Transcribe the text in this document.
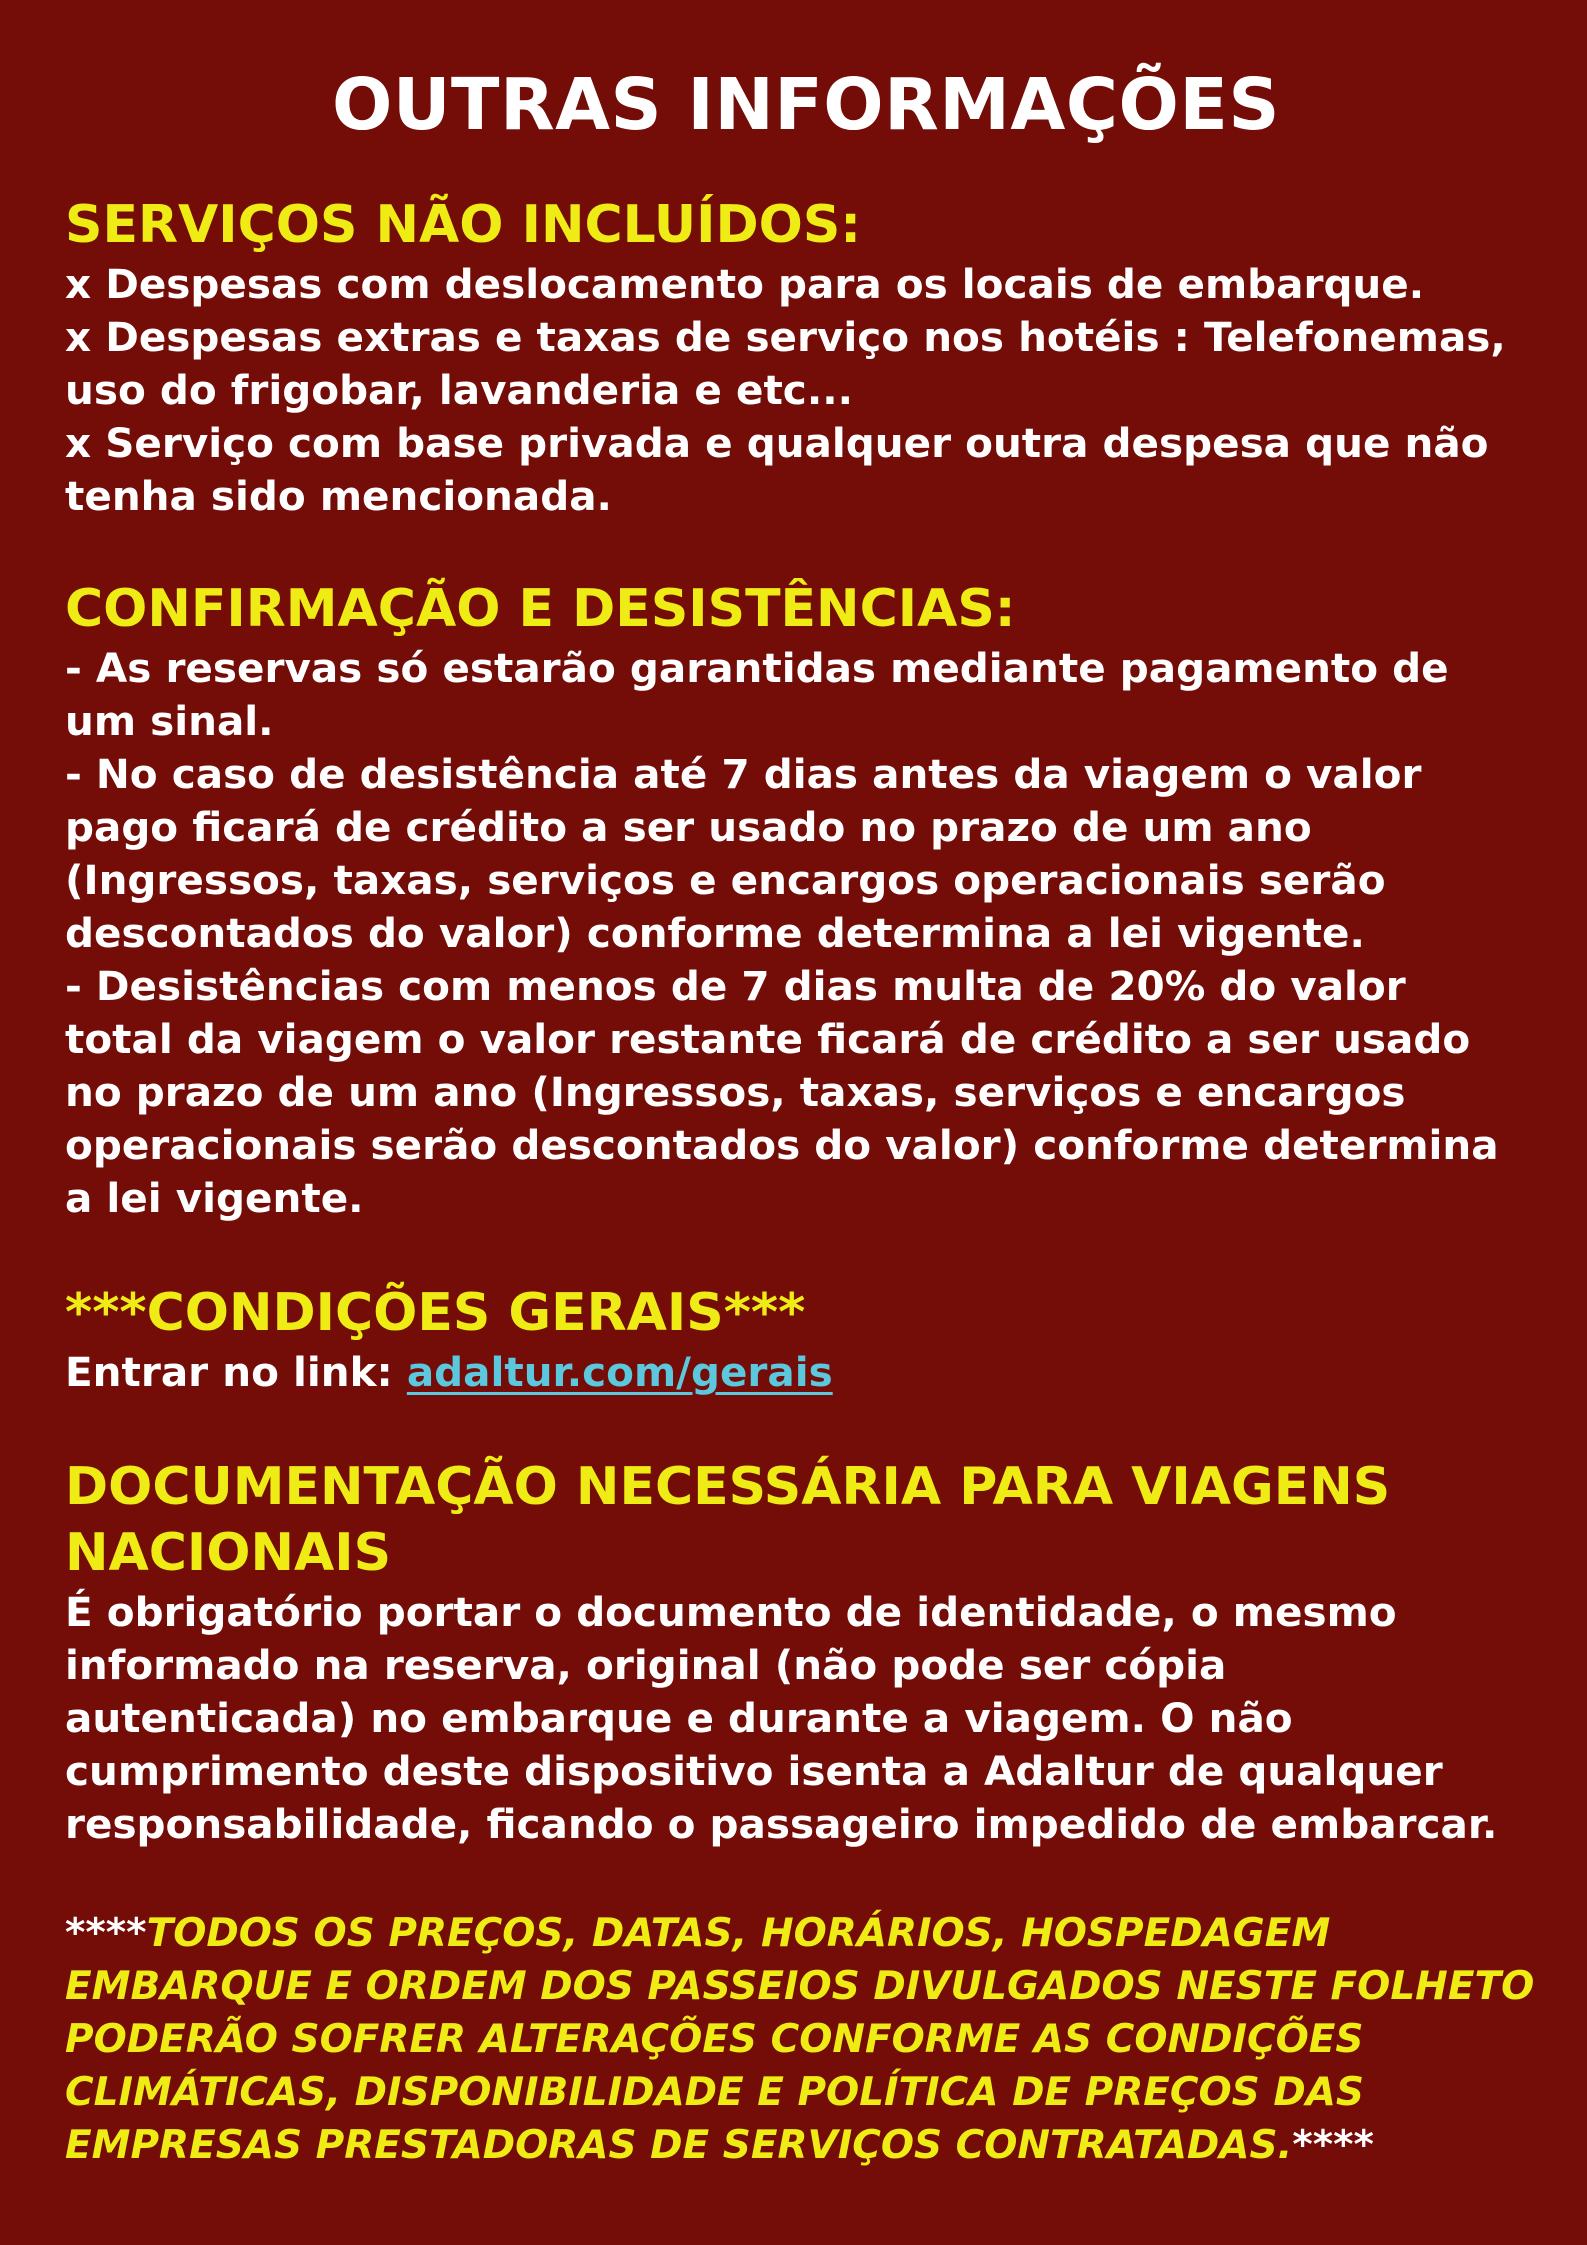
OUTRAS INFORMAÇÕES
SERVIÇOS NÃO INCLUÍDOS:
x Despesas com deslocamento para os locais de embarque.
x Despesas extras e taxas de serviço nos hotéis : Telefonemas,
uso do frigobar, lavanderia e etc...
x Serviço com base privada e qualquer outra despesa que não
tenha sido mencionada.
CONFIRMAÇÃO E DESISTÊNCIAS:
- As reservas só estarão garantidas mediante pagamento de
um sinal.
- No caso de desistência até 7 dias antes da viagem o valor
pago ficará de crédito a ser usado no prazo de um ano
(Ingressos, taxas, serviços e encargos operacionais serão
descontados do valor) conforme determina a lei vigente.
- Desistências com menos de 7 dias multa de 20% do valor
total da viagem o valor restante ficará de crédito a ser usado
no prazo de um ano (Ingressos, taxas, serviços e encargos
operacionais serão descontados do valor) conforme determina
a lei vigente.
***CONDIÇÕES GERAIS***
Entrar no link: adaltur.com/gerais
DOCUMENTAÇÃO NECESSÁRIA PARA VIAGENS
NACIONAIS
É obrigatório portar o documento de identidade, o mesmo
informado na reserva, original (não pode ser cópia
autenticada) no embarque e durante a viagem. O não
cumprimento deste dispositivo isenta a Adaltur de qualquer
responsabilidade, ficando o passageiro impedido de embarcar.
****TODOS OS PREÇOS, DATAS, HORÁRIOS, HOSPEDAGEM
EMBARQUE E ORDEM DOS PASSEIOS DIVULGADOS NESTE FOLHETO
PODERÃO SOFRER ALTERAÇÕES CONFORME AS CONDIÇÕES
CLIMÁTICAS, DISPONIBILIDADE E POLÍTICA DE PREÇOS DAS
EMPRESAS PRESTADORAS DE SERVIÇOS CONTRATADAS.****
